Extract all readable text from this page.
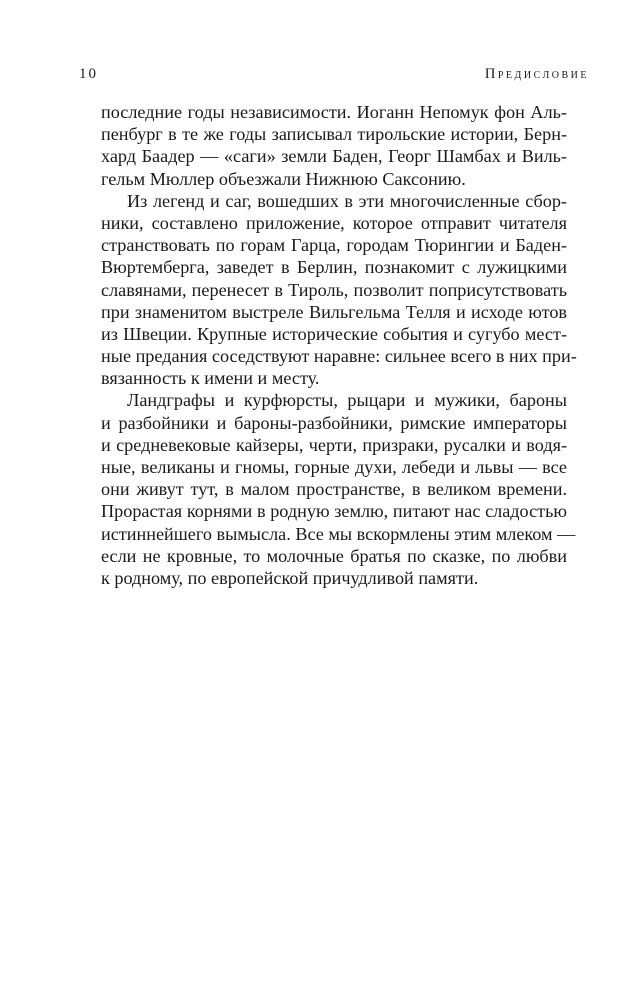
10	Предисловие
последние годы независимости. Иоганн Непомук фон Аль-
пенбург в те же годы записывал тирольские истории, Берн-
хард Баадер — «саги» земли Баден, Георг Шамбах и Виль-
гельм Мюллер объезжали Нижнюю Саксонию.
Из легенд и саг, вошедших в эти многочисленные сбор-
ники, составлено приложение, которое отправит читателя
странствовать по горам Гарца, городам Тюрингии и Баден-
Вюртемберга, заведет в Берлин, познакомит с лужицкими
славянами, перенесет в Тироль, позволит поприсутствовать
при знаменитом выстреле Вильгельма Телля и исходе ютов
из Швеции. Крупные исторические события и сугубо мест-
ные предания соседствуют наравне: сильнее всего в них при-
вязанность к имени и месту.
Ландграфы и курфюрсты, рыцари и мужики, бароны
и разбойники и бароны-разбойники, римские императоры
и средневековые кайзеры, черти, призраки, русалки и водя-
ные, великаны и гномы, горные духи, лебеди и львы — все
они живут тут, в малом пространстве, в великом времени.
Прорастая корнями в родную землю, питают нас сладостью
истиннейшего вымысла. Все мы вскормлены этим млеком —
если не кровные, то молочные братья по сказке, по любви
к родному, по европейской причудливой памяти.
